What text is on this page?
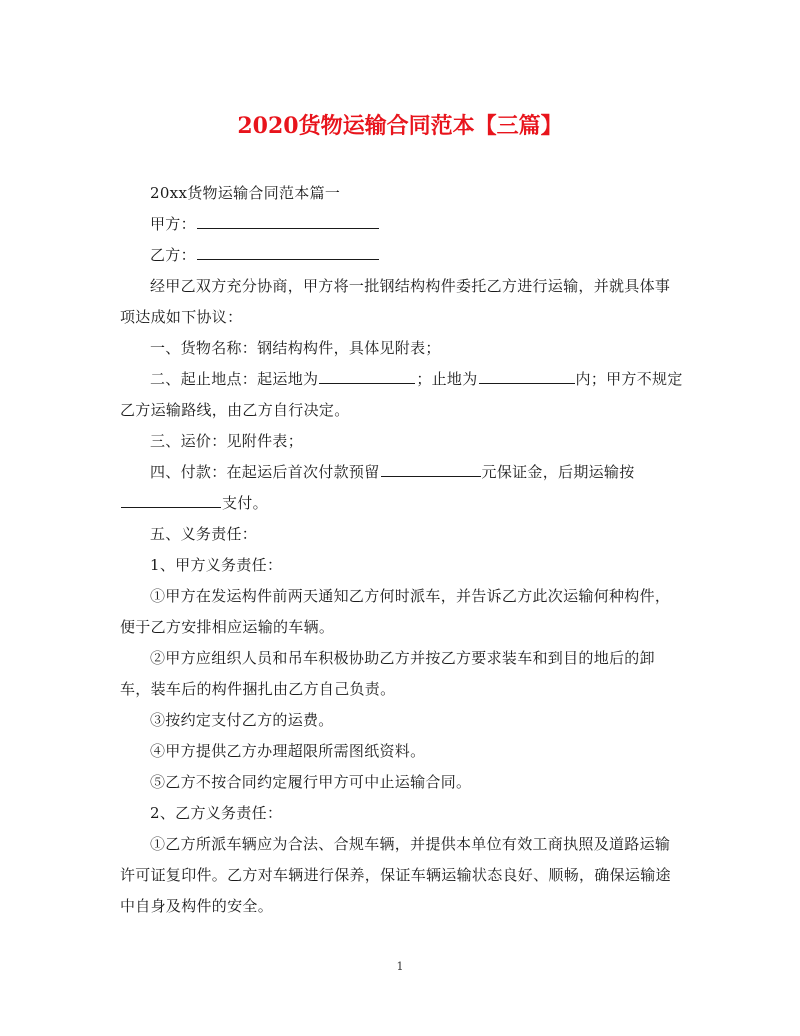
2020货物运输合同范本【三篇】

20xx货物运输合同范本篇一

甲方：

乙方：

经甲乙双方充分协商，甲方将一批钢结构构件委托乙方进行运输，并就具体事项达成如下协议：

一、货物名称：钢结构构件，具体见附表；

二、起止地点：起运地为	；止地为	内；甲方不规定乙方运输路线，由乙方自行决定。

三、运价：见附件表；

四、付款：在起运后首次付款预留	元保证金，后期运输按支付。

五、义务责任：

1、甲方义务责任：

①甲方在发运构件前两天通知乙方何时派车，并告诉乙方此次运输何种构件，便于乙方安排相应运输的车辆。

②甲方应组织人员和吊车积极协助乙方并按乙方要求装车和到目的地后的卸车，装车后的构件捆扎由乙方自己负责。

③按约定支付乙方的运费。

④甲方提供乙方办理超限所需图纸资料。

⑤乙方不按合同约定履行甲方可中止运输合同。

2、乙方义务责任：

①乙方所派车辆应为合法、合规车辆，并提供本单位有效工商执照及道路运输许可证复印件。乙方对车辆进行保养，保证车辆运输状态良好、顺畅，确保运输途中自身及构件的安全。

1
